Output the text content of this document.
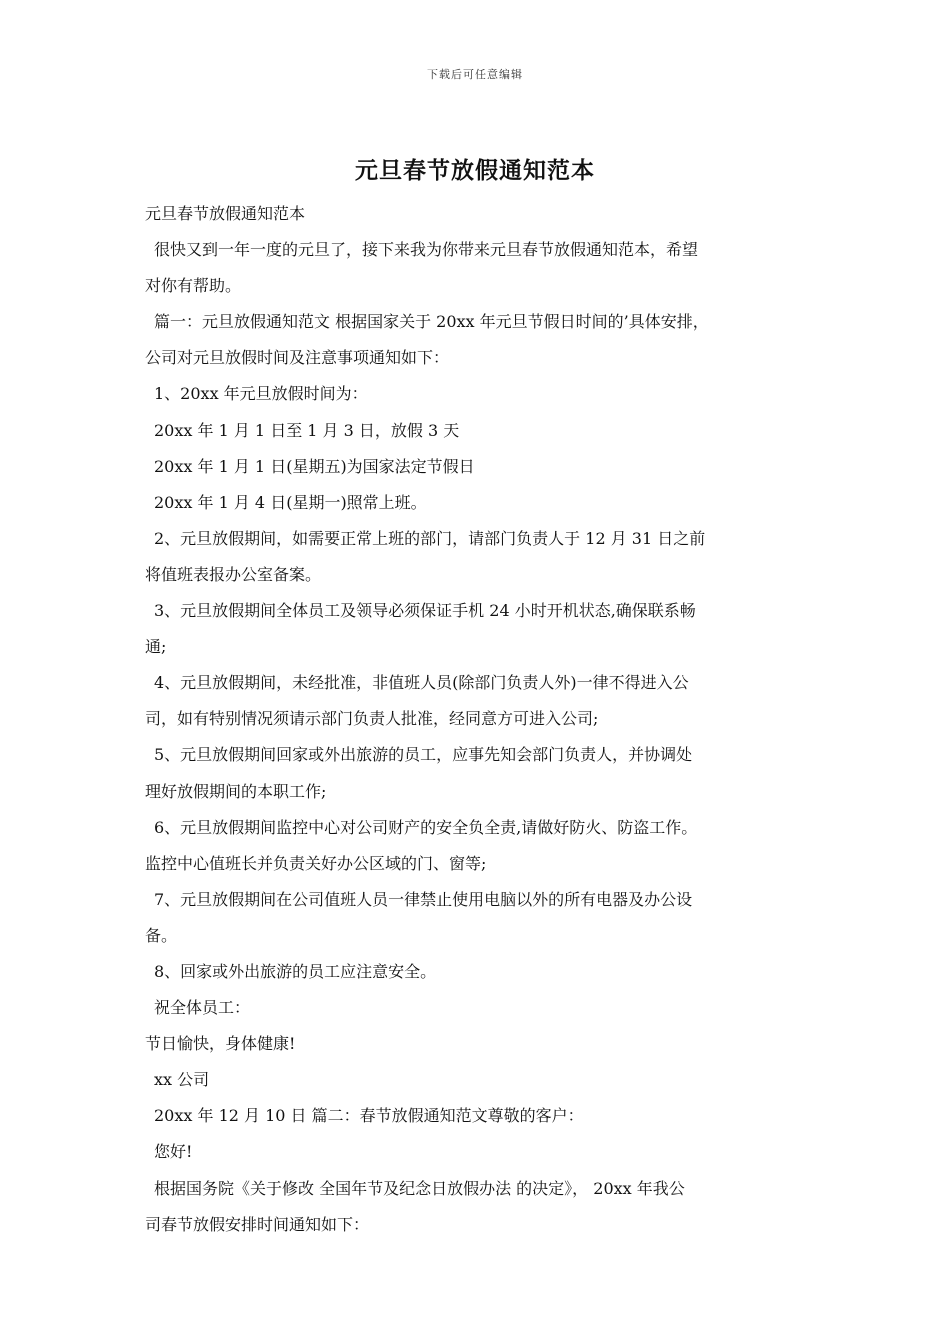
下载后可任意编辑
元旦春节放假通知范本
元旦春节放假通知范本
很快又到一年一度的元旦了，接下来我为你带来元旦春节放假通知范本，希望
对你有帮助。
篇一：元旦放假通知范文 根据国家关于 20xx 年元旦节假日时间的’具体安排，
公司对元旦放假时间及注意事项通知如下：
1、20xx 年元旦放假时间为：
20xx 年 1 月 1 日至 1 月 3 日，放假 3 天
20xx 年 1 月 1 日(星期五)为国家法定节假日
20xx 年 1 月 4 日(星期一)照常上班。
2、元旦放假期间，如需要正常上班的部门，请部门负责人于 12 月 31 日之前
将值班表报办公室备案。
3、元旦放假期间全体员工及领导必须保证手机 24 小时开机状态,确保联系畅
通;
4、元旦放假期间，未经批准，非值班人员(除部门负责人外)一律不得进入公
司，如有特别情况须请示部门负责人批准，经同意方可进入公司;
5、元旦放假期间回家或外出旅游的员工，应事先知会部门负责人，并协调处
理好放假期间的本职工作;
6、元旦放假期间监控中心对公司财产的安全负全责,请做好防火、防盗工作。
监控中心值班长并负责关好办公区域的门、窗等;
7、元旦放假期间在公司值班人员一律禁止使用电脑以外的所有电器及办公设
备。
8、回家或外出旅游的员工应注意安全。
祝全体员工：
节日愉快，身体健康!
xx 公司
20xx 年 12 月 10 日 篇二：春节放假通知范文尊敬的客户：
您好!
根据国务院《关于修改 全国年节及纪念日放假办法 的决定》， 20xx 年我公
司春节放假安排时间通知如下：
